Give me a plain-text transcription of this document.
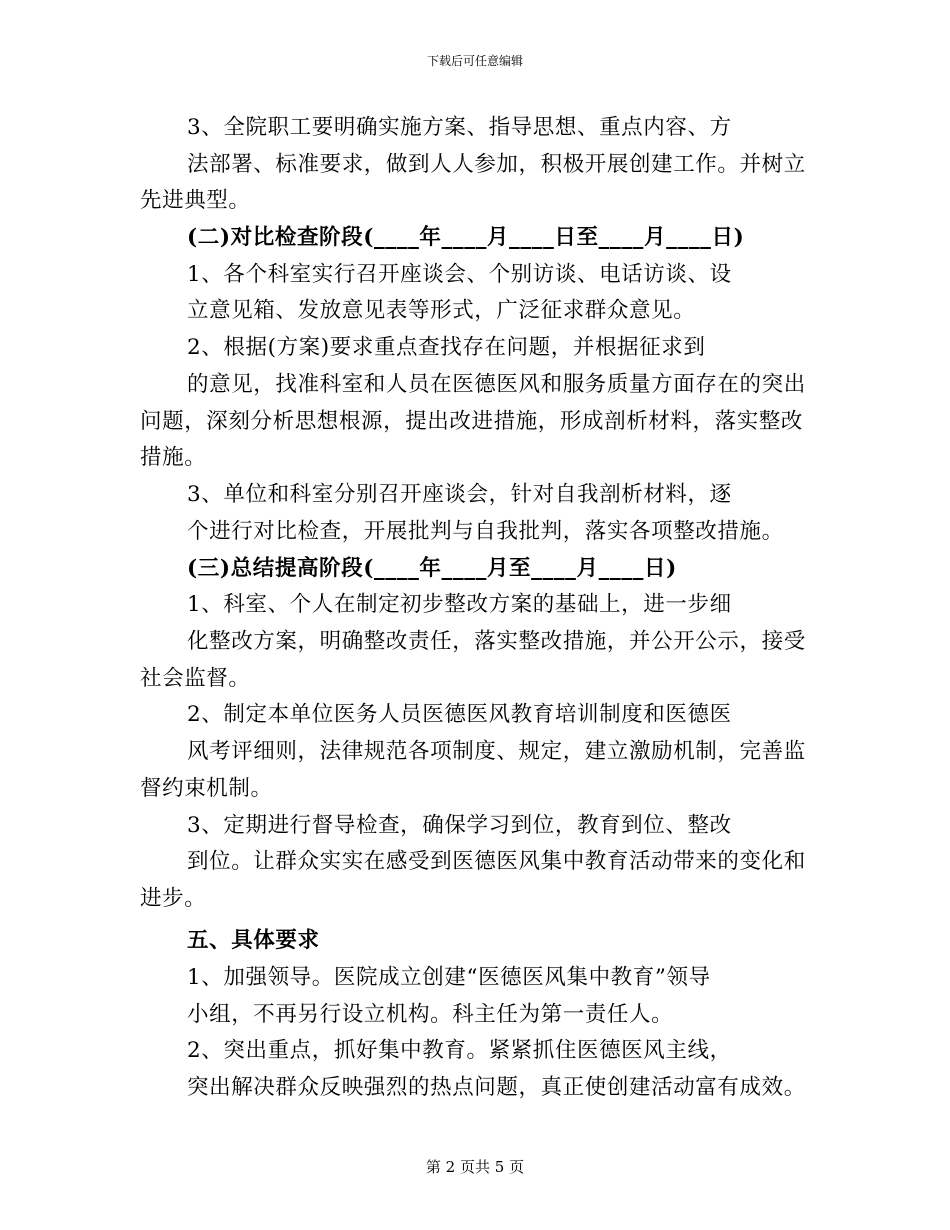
下载后可任意编辑
3、全院职工要明确实施方案、指导思想、重点内容、方
法部署、标准要求，做到人人参加，积极开展创建工作。并树立
先进典型。
(二)对比检查阶段(____年____月____日至____月____日)
1、各个科室实行召开座谈会、个别访谈、电话访谈、设
立意见箱、发放意见表等形式，广泛征求群众意见。
2、根据(方案)要求重点查找存在问题，并根据征求到
的意见，找准科室和人员在医德医风和服务质量方面存在的突出
问题，深刻分析思想根源，提出改进措施，形成剖析材料，落实整改
措施。
3、单位和科室分别召开座谈会，针对自我剖析材料，逐
个进行对比检查，开展批判与自我批判，落实各项整改措施。
(三)总结提高阶段(____年____月至____月____日)
1、科室、个人在制定初步整改方案的基础上，进一步细
化整改方案，明确整改责任，落实整改措施，并公开公示，接受
社会监督。
2、制定本单位医务人员医德医风教育培训制度和医德医
风考评细则，法律规范各项制度、规定，建立激励机制，完善监
督约束机制。
3、定期进行督导检查，确保学习到位，教育到位、整改
到位。让群众实实在感受到医德医风集中教育活动带来的变化和
进步。
五、具体要求
1、加强领导。医院成立创建“医德医风集中教育”领导
小组，不再另行设立机构。科主任为第一责任人。
2、突出重点，抓好集中教育。紧紧抓住医德医风主线，
突出解决群众反映强烈的热点问题，真正使创建活动富有成效。
第 2 页共 5 页
